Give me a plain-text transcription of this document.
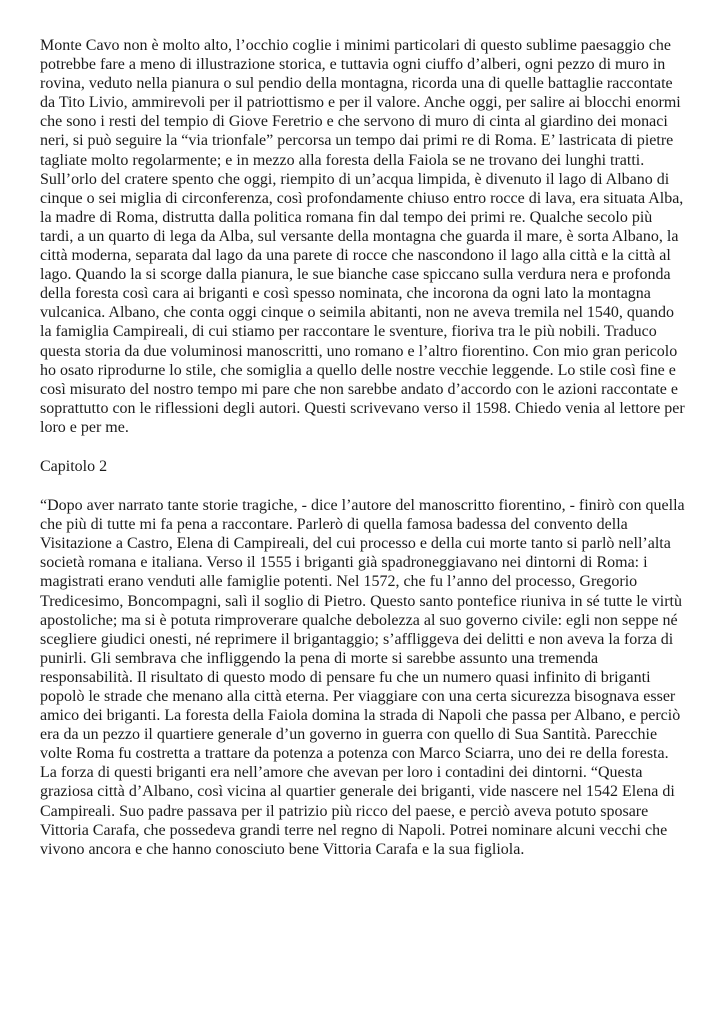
Monte Cavo non è molto alto, l’occhio coglie i minimi particolari di questo sublime paesaggio che potrebbe fare a meno di illustrazione storica, e tuttavia ogni ciuffo d’alberi, ogni pezzo di muro in rovina, veduto nella pianura o sul pendio della montagna, ricorda una di quelle battaglie raccontate da Tito Livio, ammirevoli per il patriottismo e per il valore. Anche oggi, per salire ai blocchi enormi che sono i resti del tempio di Giove Feretrio e che servono di muro di cinta al giardino dei monaci neri, si può seguire la “via trionfale” percorsa un tempo dai primi re di Roma. E’ lastricata di pietre tagliate molto regolarmente; e in mezzo alla foresta della Faiola se ne trovano dei lunghi tratti. Sull’orlo del cratere spento che oggi, riempito di un’acqua limpida, è divenuto il lago di Albano di cinque o sei miglia di circonferenza, così profondamente chiuso entro rocce di lava, era situata Alba, la madre di Roma, distrutta dalla politica romana fin dal tempo dei primi re. Qualche secolo più tardi, a un quarto di lega da Alba, sul versante della montagna che guarda il mare, è sorta Albano, la città moderna, separata dal lago da una parete di rocce che nascondono il lago alla città e la città al lago. Quando la si scorge dalla pianura, le sue bianche case spiccano sulla verdura nera e profonda della foresta così cara ai briganti e così spesso nominata, che incorona da ogni lato la montagna vulcanica. Albano, che conta oggi cinque o seimila abitanti, non ne aveva tremila nel 1540, quando la famiglia Campireali, di cui stiamo per raccontare le sventure, fioriva tra le più nobili. Traduco questa storia da due voluminosi manoscritti, uno romano e l’altro fiorentino. Con mio gran pericolo ho osato riprodurne lo stile, che somiglia a quello delle nostre vecchie leggende. Lo stile così fine e così misurato del nostro tempo mi pare che non sarebbe andato d’accordo con le azioni raccontate e soprattutto con le riflessioni degli autori. Questi scrivevano verso il 1598. Chiedo venia al lettore per loro e per me.

Capitolo 2

“Dopo aver narrato tante storie tragiche, - dice l’autore del manoscritto fiorentino, - finirò con quella che più di tutte mi fa pena a raccontare. Parlerò di quella famosa badessa del convento della Visitazione a Castro, Elena di Campireali, del cui processo e della cui morte tanto si parlò nell’alta società romana e italiana. Verso il 1555 i briganti già spadroneggiavano nei dintorni di Roma: i magistrati erano venduti alle famiglie potenti. Nel 1572, che fu l’anno del processo, Gregorio Tredicesimo, Boncompagni, salì il soglio di Pietro. Questo santo pontefice riuniva in sé tutte le virtù apostoliche; ma si è potuta rimproverare qualche debolezza al suo governo civile: egli non seppe né scegliere giudici onesti, né reprimere il brigantaggio; s’affliggeva dei delitti e non aveva la forza di punirli. Gli sembrava che infliggendo la pena di morte si sarebbe assunto una tremenda responsabilità. Il risultato di questo modo di pensare fu che un numero quasi infinito di briganti popolò le strade che menano alla città eterna. Per viaggiare con una certa sicurezza bisognava esser amico dei briganti. La foresta della Faiola domina la strada di Napoli che passa per Albano, e perciò era da un pezzo il quartiere generale d’un governo in guerra con quello di Sua Santità. Parecchie volte Roma fu costretta a trattare da potenza a potenza con Marco Sciarra, uno dei re della foresta. La forza di questi briganti era nell’amore che avevan per loro i contadini dei dintorni. “Questa graziosa città d’Albano, così vicina al quartier generale dei briganti, vide nascere nel 1542 Elena di Campireali. Suo padre passava per il patrizio più ricco del paese, e perciò aveva potuto sposare Vittoria Carafa, che possedeva grandi terre nel regno di Napoli. Potrei nominare alcuni vecchi che vivono ancora e che hanno conosciuto bene Vittoria Carafa e la sua figliola.
